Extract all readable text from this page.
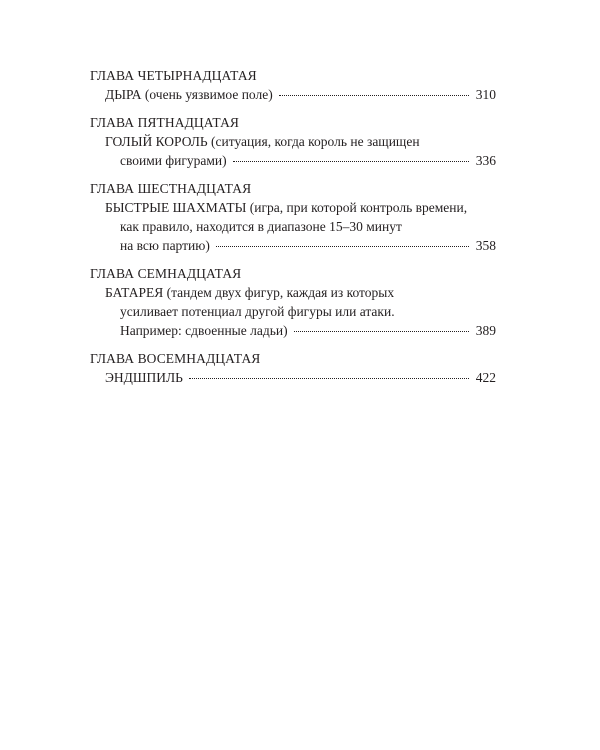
ГЛАВА ЧЕТЫРНАДЦАТАЯ
ДЫРА (очень уязвимое поле)	310
ГЛАВА ПЯТНАДЦАТАЯ
ГОЛЫЙ КОРОЛЬ (ситуация, когда король не защищен
своими фигурами)	336
ГЛАВА ШЕСТНАДЦАТАЯ
БЫСТРЫЕ ШАХМАТЫ (игра, при которой контроль времени,
как правило, находится в диапазоне 15–30 минут
на всю партию)	358
ГЛАВА СЕМНАДЦАТАЯ
БАТАРЕЯ (тандем двух фигур, каждая из которых
усиливает потенциал другой фигуры или атаки.
Например: сдвоенные ладьи)	389
ГЛАВА ВОСЕМНАДЦАТАЯ
ЭНДШПИЛЬ	422
